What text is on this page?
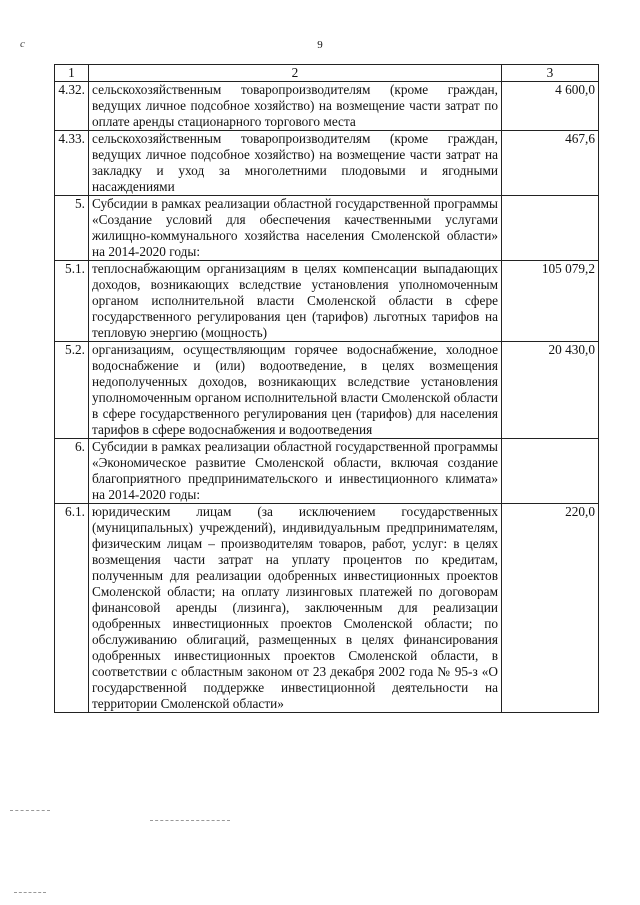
c	9
1	2	3
4.32.	сельскохозяйственным товаропроизводителям (кроме граждан, ведущих личное подсобное хозяйство) на возмещение части затрат по оплате аренды стационарного торгового места	4 600,0
4.33.	сельскохозяйственным товаропроизводителям (кроме граждан, ведущих личное подсобное хозяйство) на возмещение части затрат на закладку и уход за многолетними плодовыми и ягодными насаждениями	467,6
5.	Субсидии в рамках реализации областной государственной программы «Создание условий для обеспечения качественными услугами жилищно-коммунального хозяйства населения Смоленской области» на 2014-2020 годы:	
5.1.	теплоснабжающим организациям в целях компенсации выпадающих доходов, возникающих вследствие установления уполномоченным органом исполнительной власти Смоленской области в сфере государственного регулирования цен (тарифов) льготных тарифов на тепловую энергию (мощность)	105 079,2
5.2.	организациям, осуществляющим горячее водоснабжение, холодное водоснабжение и (или) водоотведение, в целях возмещения недополученных доходов, возникающих вследствие установления уполномоченным органом исполнительной власти Смоленской области в сфере государственного регулирования цен (тарифов) для населения тарифов в сфере водоснабжения и водоотведения	20 430,0
6.	Субсидии в рамках реализации областной государственной программы «Экономическое развитие Смоленской области, включая создание благоприятного предпринимательского и инвестиционного климата» на 2014-2020 годы:	
6.1.	юридическим лицам (за исключением государственных (муниципальных) учреждений), индивидуальным предпринимателям, физическим лицам – производителям товаров, работ, услуг: в целях возмещения части затрат на уплату процентов по кредитам, полученным для реализации одобренных инвестиционных проектов Смоленской области; на оплату лизинговых платежей по договорам финансовой аренды (лизинга), заключенным для реализации одобренных инвестиционных проектов Смоленской области; по обслуживанию облигаций, размещенных в целях финансирования одобренных инвестиционных проектов Смоленской области, в соответствии с областным законом от 23 декабря 2002 года № 95-з «О государственной поддержке инвестиционной деятельности на территории Смоленской области»	220,0
